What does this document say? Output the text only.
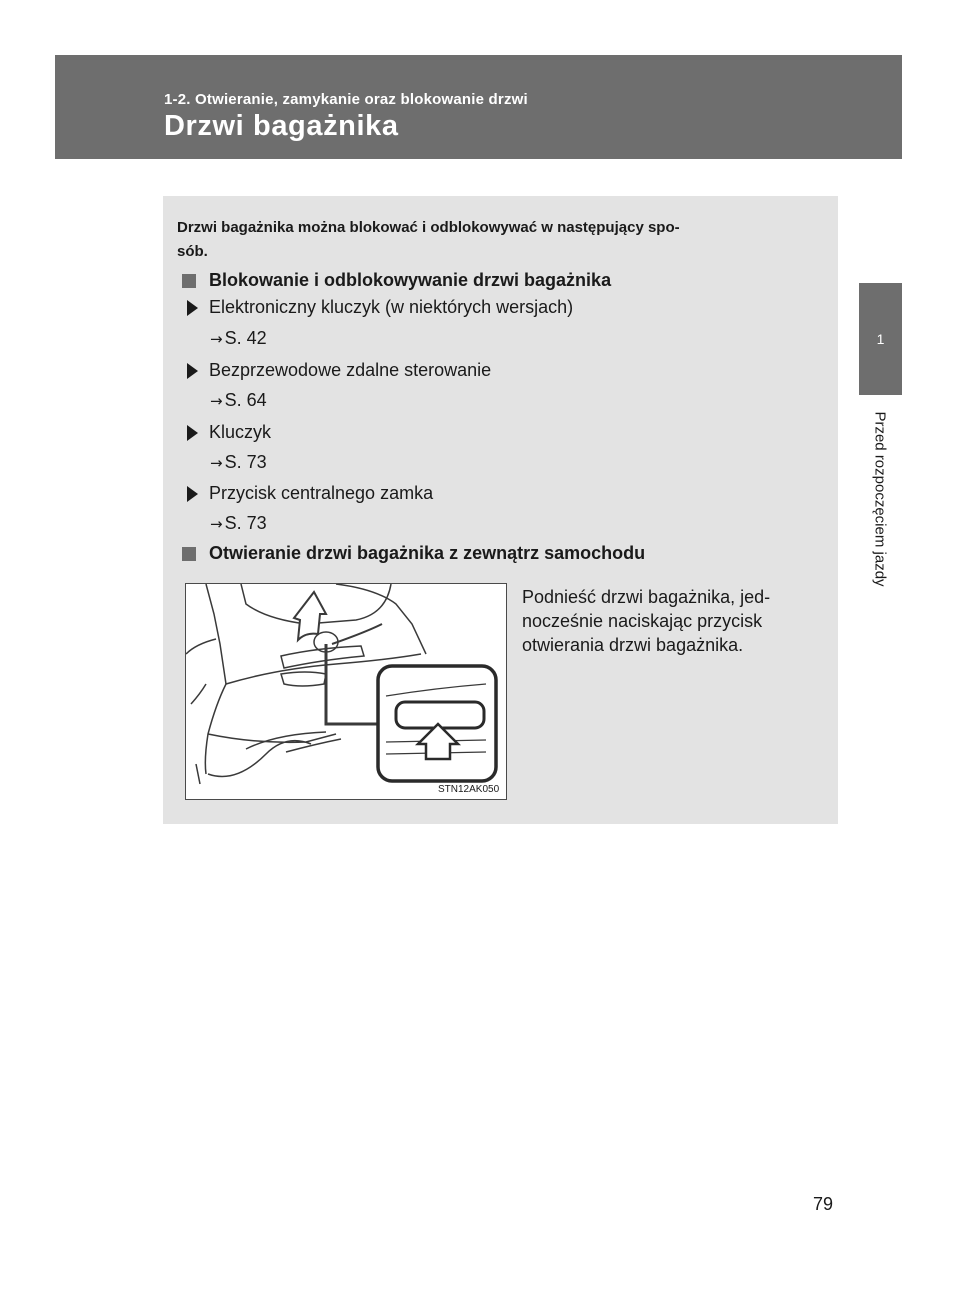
1-2. Otwieranie, zamykanie oraz blokowanie drzwi
Drzwi bagażnika
1
Przed rozpoczęciem jazdy
Drzwi bagażnika można blokować i odblokowywać w następujący spo-
sób.
Blokowanie i odblokowywanie drzwi bagażnika
Elektroniczny kluczyk (w niektórych wersjach)
→ S. 42
Bezprzewodowe zdalne sterowanie
→ S. 64
Kluczyk
→ S. 73
Przycisk centralnego zamka
→ S. 73
Otwieranie drzwi bagażnika z zewnątrz samochodu
Podnieść drzwi bagażnika, jed-
nocześnie naciskając przycisk
otwierania drzwi bagażnika.
STN12AK050
79
